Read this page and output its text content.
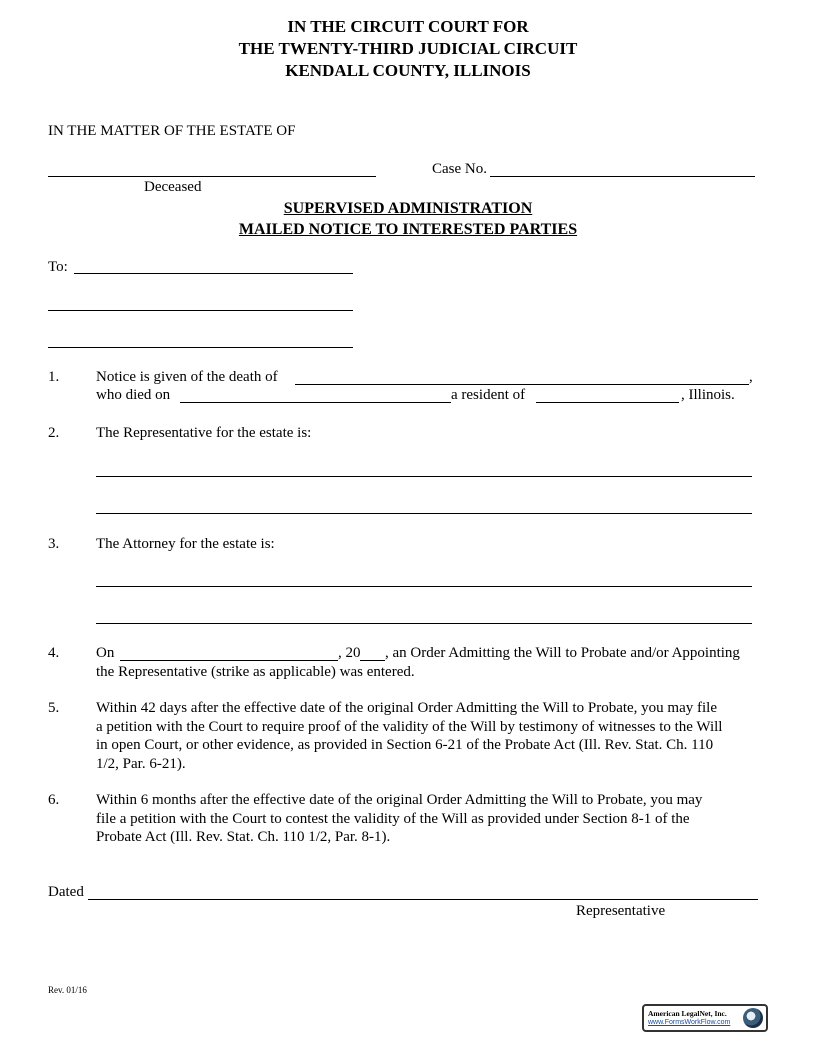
IN THE CIRCUIT COURT FOR
THE TWENTY-THIRD JUDICIAL CIRCUIT
KENDALL COUNTY, ILLINOIS
IN THE MATTER OF THE ESTATE OF
Case No.
Deceased
SUPERVISED ADMINISTRATION
MAILED NOTICE TO INTERESTED PARTIES
To:
1. Notice is given of the death of	,
who died on	a resident of	, Illinois.
2. The Representative for the estate is:
3. The Attorney for the estate is:
4. On	, 20 , an Order Admitting the Will to Probate and/or Appointing
the Representative (strike as applicable) was entered.
5. Within 42 days after the effective date of the original Order Admitting the Will to Probate, you may file
a petition with the Court to require proof of the validity of the Will by testimony of witnesses to the Will
in open Court, or other evidence, as provided in Section 6-21 of the Probate Act (Ill. Rev. Stat. Ch. 110
1/2, Par. 6-21).
6. Within 6 months after the effective date of the original Order Admitting the Will to Probate, you may
file a petition with the Court to contest the validity of the Will as provided under Section 8-1 of the
Probate Act (Ill. Rev. Stat. Ch. 110 1/2, Par. 8-1).
Dated
Representative
Rev. 01/16
American LegalNet, Inc.
www.FormsWorkFlow.com
